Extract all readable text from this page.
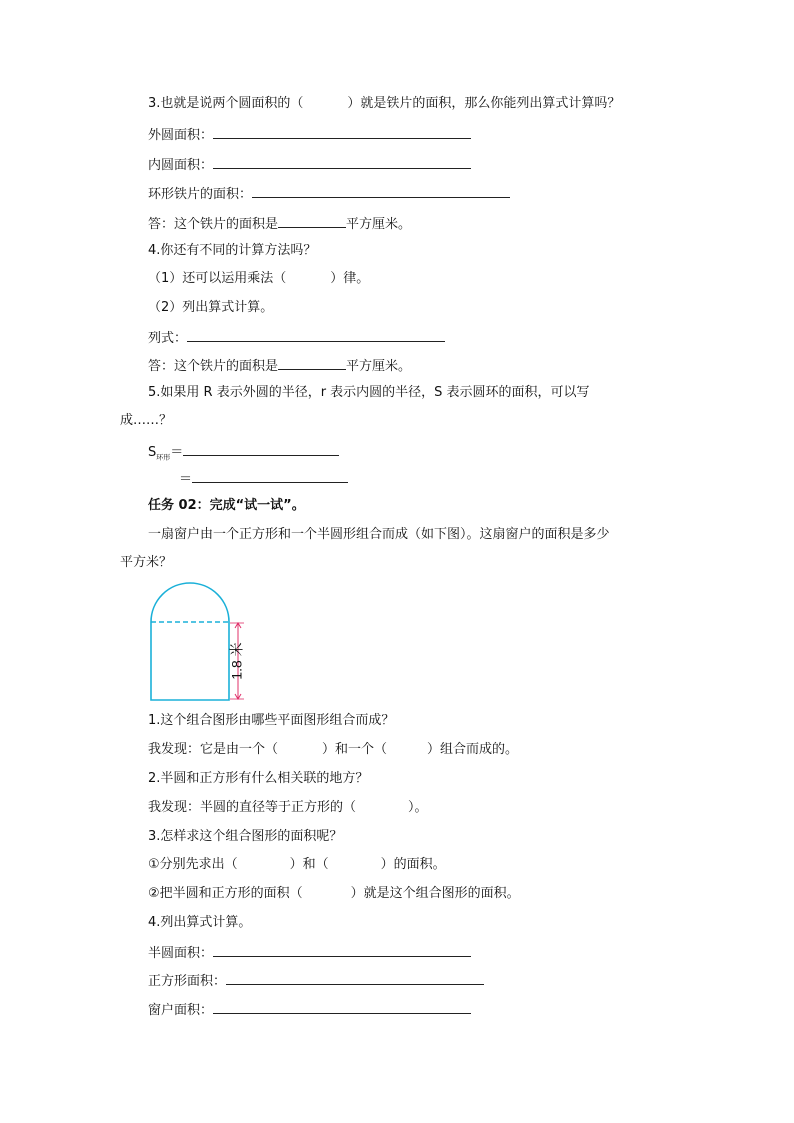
3.也就是说两个圆面积的（	）就是铁片的面积，那么你能列出算式计算吗？
外圆面积：
内圆面积：
环形铁片的面积：
答：这个铁片的面积是	平方厘米。
4.你还有不同的计算方法吗？
（1）还可以运用乘法（	）律。
（2）列出算式计算。
列式：
答：这个铁片的面积是	平方厘米。
5.如果用 R 表示外圆的半径，r 表示内圆的半径，S 表示圆环的面积，可以写
成……？
$S_{环形}=$
＝
任务 02：完成“试一试”。
一扇窗户由一个正方形和一个半圆形组合而成（如下图）。这扇窗户的面积是多少
平方米？
1.8 米
1.这个组合图形由哪些平面图形组合而成？
我发现：它是由一个（	）和一个（	）组合而成的。
2.半圆和正方形有什么相关联的地方？
我发现：半圆的直径等于正方形的（	）。
3.怎样求这个组合图形的面积呢？
①分别先求出（	）和（	）的面积。
②把半圆和正方形的面积（	）就是这个组合图形的面积。
4.列出算式计算。
半圆面积：
正方形面积：
窗户面积：
